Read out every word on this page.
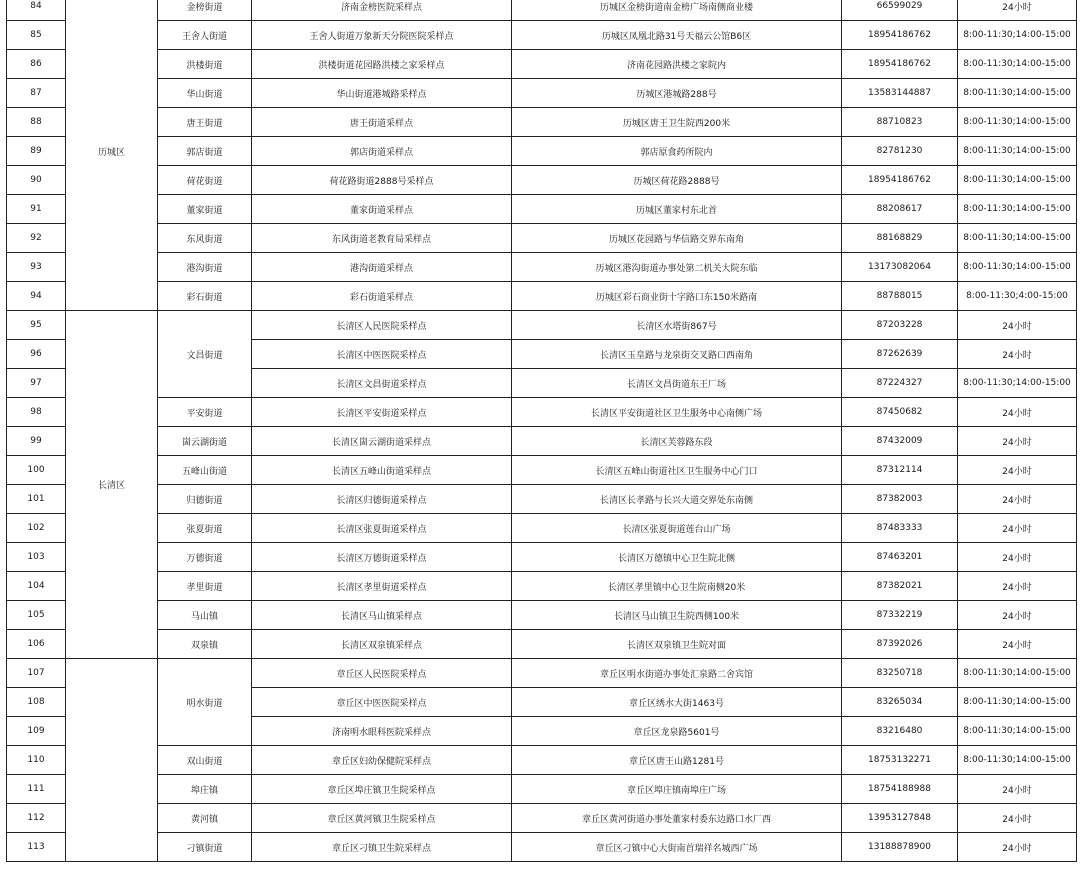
84	历城区	金榜街道	济南金榜医院采样点	历城区金榜街道南金榜广场南侧商业楼	66599029	24小时
85		王舍人街道	王舍人街道万象新天分院医院采样点	历城区凤凰北路31号天福云公馆B6区	18954186762	8:00-11:30;14:00-15:00
86		洪楼街道	洪楼街道花园路洪楼之家采样点	济南花园路洪楼之家院内	18954186762	8:00-11:30;14:00-15:00
87		华山街道	华山街道港城路采样点	历城区港城路288号	13583144887	8:00-11:30;14:00-15:00
88		唐王街道	唐王街道采样点	历城区唐王卫生院西200米	88710823	8:00-11:30;14:00-15:00
89		郭店街道	郭店街道采样点	郭店原食药所院内	82781230	8:00-11:30;14:00-15:00
90		荷花街道	荷花路街道2888号采样点	历城区荷花路2888号	18954186762	8:00-11:30;14:00-15:00
91		董家街道	董家街道采样点	历城区董家村东北首	88208617	8:00-11:30;14:00-15:00
92		东风街道	东风街道老教育局采样点	历城区花园路与华信路交界东南角	88168829	8:00-11:30;14:00-15:00
93		港沟街道	港沟街道采样点	历城区港沟街道办事处第二机关大院东临	13173082064	8:00-11:30;14:00-15:00
94		彩石街道	彩石街道采样点	历城区彩石商业街十字路口东150米路南	88788015	8:00-11:30;4:00-15:00
95	长清区	文昌街道	长清区人民医院采样点	长清区水塔街867号	87203228	24小时
96			长清区中医医院采样点	长清区玉皇路与龙泉街交叉路口西南角	87262639	24小时
97			长清区文昌街道采样点	长清区文昌街道东王厂场	87224327	8:00-11:30;14:00-15:00
98		平安街道	长清区平安街道采样点	长清区平安街道社区卫生服务中心南侧广场	87450682	24小时
99		崮云湖街道	长清区崮云湖街道采样点	长清区芙蓉路东段	87432009	24小时
100		五峰山街道	长清区五峰山街道采样点	长清区五峰山街道社区卫生服务中心门口	87312114	24小时
101		归德街道	长清区归德街道采样点	长清区长孝路与长兴大道交界处东南侧	87382003	24小时
102		张夏街道	长清区张夏街道采样点	长清区张夏街道莲台山广场	87483333	24小时
103		万德街道	长清区万德街道采样点	长清区万德镇中心卫生院北侧	87463201	24小时
104		孝里街道	长清区孝里街道采样点	长清区孝里镇中心卫生院南侧20米	87382021	24小时
105		马山镇	长清区马山镇采样点	长清区马山镇卫生院西侧100米	87332219	24小时
106		双泉镇	长清区双泉镇采样点	长清区双泉镇卫生院对面	87392026	24小时
107		明水街道	章丘区人民医院采样点	章丘区明水街道办事处汇泉路二舍宾馆	83250718	8:00-11:30;14:00-15:00
108			章丘区中医医院采样点	章丘区绣水大街1463号	83265034	8:00-11:30;14:00-15:00
109			济南明水眼科医院采样点	章丘区龙泉路5601号	83216480	8:00-11:30;14:00-15:00
110		双山街道	章丘区妇幼保健院采样点	章丘区唐王山路1281号	18753132271	8:00-11:30;14:00-15:00
111		埠庄镇	章丘区埠庄镇卫生院采样点	章丘区埠庄镇南埠庄广场	18754188988	24小时
112		黄河镇	章丘区黄河镇卫生院采样点	章丘区黄河街道办事处董家村委东边路口水厂西	13953127848	24小时
113		刁镇街道	章丘区刁镇卫生院采样点	章丘区刁镇中心大街南首瑞祥名城西广场	13188878900	24小时
